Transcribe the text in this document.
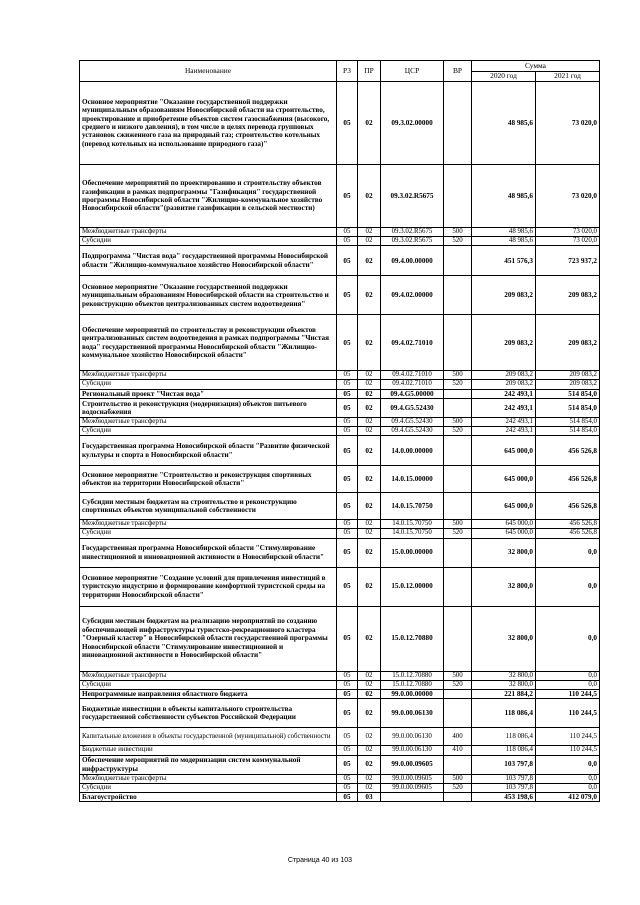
Наименование	РЗ	ПР	ЦСР	ВР	Сумма	
					2020 год	2021 год
Основное мероприятие "Оказание государственной поддержки муниципальным образованиям Новосибирской области на строительство, проектирование и приобретение объектов систем газоснабжения (высокого, среднего и низкого давления), в том числе в целях перевода групповых установок сжиженного газа на природный газ; строительство котельных (перевод котельных на использование природного газа)"	05	02	09.3.02.00000		48 985,6	73 020,0
Обеспечение мероприятий по проектированию и строительству объектов газификации в рамках подпрограммы "Газификация" государственной программы Новосибирской области "Жилищно-коммунальное хозяйство Новосибирской области"(развитие газификации в сельской местности)	05	02	09.3.02.R5675		48 985,6	73 020,0
Межбюджетные трансферты	05	02	09.3.02.R5675	500	48 985,6	73 020,0
Субсидии	05	02	09.3.02.R5675	520	48 985,6	73 020,0
Подпрограмма "Чистая вода" государственной программы Новосибирской области "Жилищно-коммунальное хозяйство Новосибирской области"	05	02	09.4.00.00000		451 576,3	723 937,2
Основное мероприятие "Оказание государственной поддержки муниципальным образованиям Новосибирской области на строительство и реконструкцию объектов централизованных систем водоотведения"	05	02	09.4.02.00000		209 083,2	209 083,2
Обеспечение мероприятий по строительству и реконструкции объектов централизованных систем водоотведения в рамках подпрограммы "Чистая вода" государственной программы Новосибирской области "Жилищно-коммунальное хозяйство Новосибирской области"	05	02	09.4.02.71010		209 083,2	209 083,2
Межбюджетные трансферты	05	02	09.4.02.71010	500	209 083,2	209 083,2
Субсидии	05	02	09.4.02.71010	520	209 083,2	209 083,2
Региональный проект "Чистая вода"	05	02	09.4.G5.00000		242 493,1	514 854,0
Строительство и реконструкция (модернизация) объектов питьевого водоснабжения	05	02	09.4.G5.52430		242 493,1	514 854,0
Межбюджетные трансферты	05	02	09.4.G5.52430	500	242 493,1	514 854,0
Субсидии	05	02	09.4.G5.52430	520	242 493,1	514 854,0
Государственная программа Новосибирской области "Развитие физической культуры и спорта в Новосибирской области"	05	02	14.0.00.00000		645 000,0	456 526,8
Основное мероприятие "Строительство и реконструкция спортивных объектов на территории Новосибирской области"	05	02	14.0.15.00000		645 000,0	456 526,8
Субсидии местным бюджетам на строительство и реконструкцию спортивных объектов муниципальной собственности	05	02	14.0.15.70750		645 000,0	456 526,8
Межбюджетные трансферты	05	02	14.0.15.70750	500	645 000,0	456 526,8
Субсидии	05	02	14.0.15.70750	520	645 000,0	456 526,8
Государственная программа Новосибирской области "Стимулирование инвестиционной и инновационной активности в Новосибирской области"	05	02	15.0.00.00000		32 800,0	0,0
Основное мероприятие "Создание условий для привлечения инвестиций в туристскую индустрию и формирование комфортной туристской среды на территории Новосибирской области"	05	02	15.0.12.00000		32 800,0	0,0
Субсидии местным бюджетам на реализацию мероприятий по созданию обеспечивающей инфраструктуры туристско-рекреационного кластера "Озерный кластер" в Новосибирской области государственной программы Новосибирской области "Стимулирование инвестиционной и инновационной активности в Новосибирской области"	05	02	15.0.12.70880		32 800,0	0,0
Межбюджетные трансферты	05	02	15.0.12.70880	500	32 800,0	0,0
Субсидии	05	02	15.0.12.70880	520	32 800,0	0,0
Непрограммные направления областного бюджета	05	02	99.0.00.00000		221 884,2	110 244,5
Бюджетные инвестиции в объекты капитального строительства государственной собственности субъектов Российской Федерации	05	02	99.0.00.06130		118 086,4	110 244,5
Капитальные вложения в объекты государственной (муниципальной) собственности	05	02	99.0.00.06130	400	118 086,4	110 244,5
Бюджетные инвестиции	05	02	99.0.00.06130	410	118 086,4	110 244,5
Обеспечение мероприятий по модернизации систем коммунальной инфраструктуры	05	02	99.0.00.09605		103 797,8	0,0
Межбюджетные трансферты	05	02	99.0.00.09605	500	103 797,8	0,0
Субсидии	05	02	99.0.00.09605	520	103 797,8	0,0
Благоустройство	05	03			453 198,6	412 079,0
Страница 40 из 103
